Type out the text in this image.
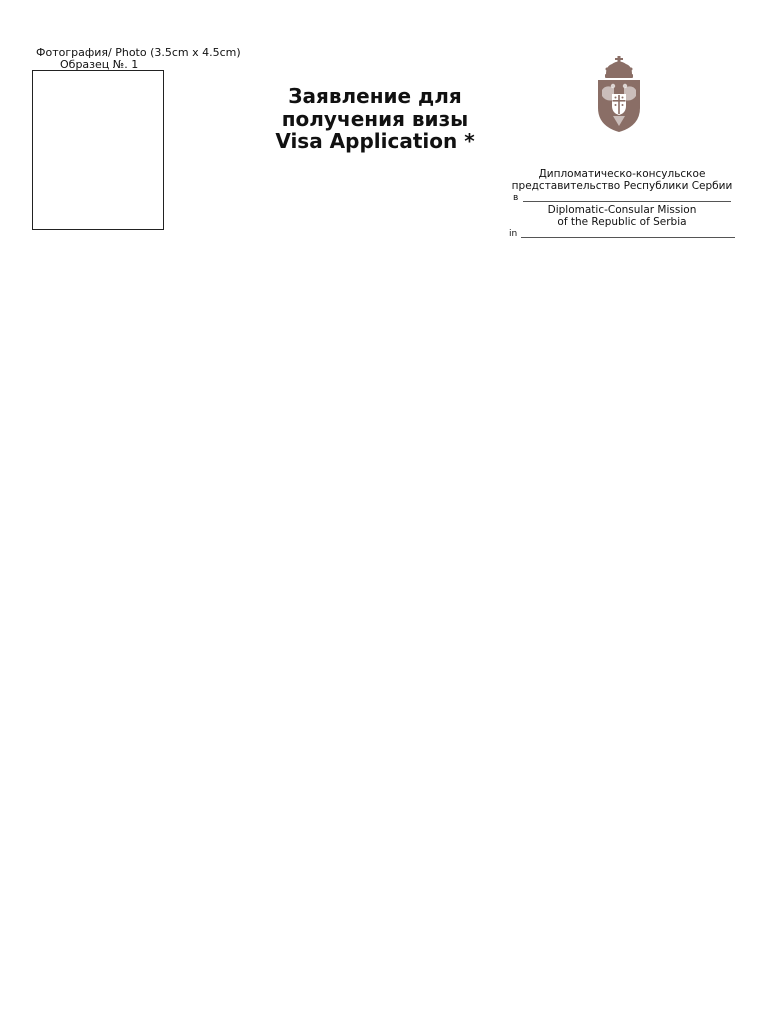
Фотография/ Photo (3.5cm x 4.5cm)
Образец №. 1
Заявление для
получения визы
Visa Application *
Дипломатическо-консульское
представительство Республики Сербии
в
Diplomatic-Consular Mission
of the Republic of Serbia
in
